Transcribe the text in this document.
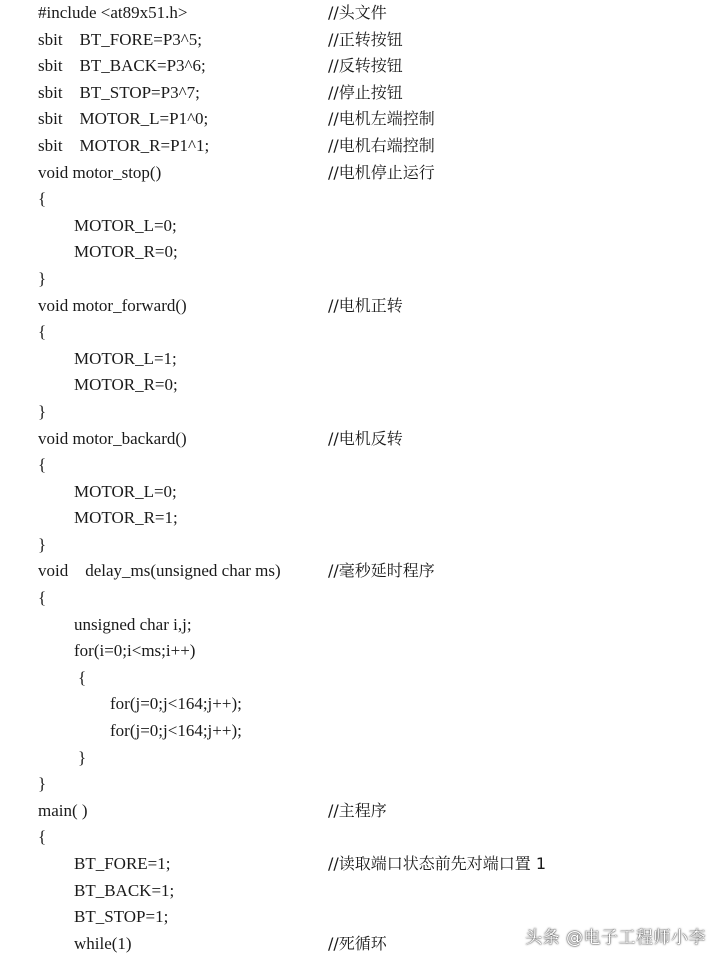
#include <at89x51.h>	//头文件
sbit    BT_FORE=P3^5;	//正转按钮
sbit    BT_BACK=P3^6;	//反转按钮
sbit    BT_STOP=P3^7;	//停止按钮
sbit    MOTOR_L=P1^0;	//电机左端控制
sbit    MOTOR_R=P1^1;	//电机右端控制
void motor_stop()	//电机停止运行
{
MOTOR_L=0;
MOTOR_R=0;
}
void motor_forward()	//电机正转
{
MOTOR_L=1;
MOTOR_R=0;
}
void motor_backard()	//电机反转
{
MOTOR_L=0;
MOTOR_R=1;
}
void    delay_ms(unsigned char ms)	//毫秒延时程序
{
unsigned char i,j;
for(i=0;i<ms;i++)
{
for(j=0;j<164;j++);
for(j=0;j<164;j++);
}
}
main( )	//主程序
{
BT_FORE=1;	//读取端口状态前先对端口置 1
BT_BACK=1;
BT_STOP=1;
while(1)	//死循环	头条 @电子工程师小李
